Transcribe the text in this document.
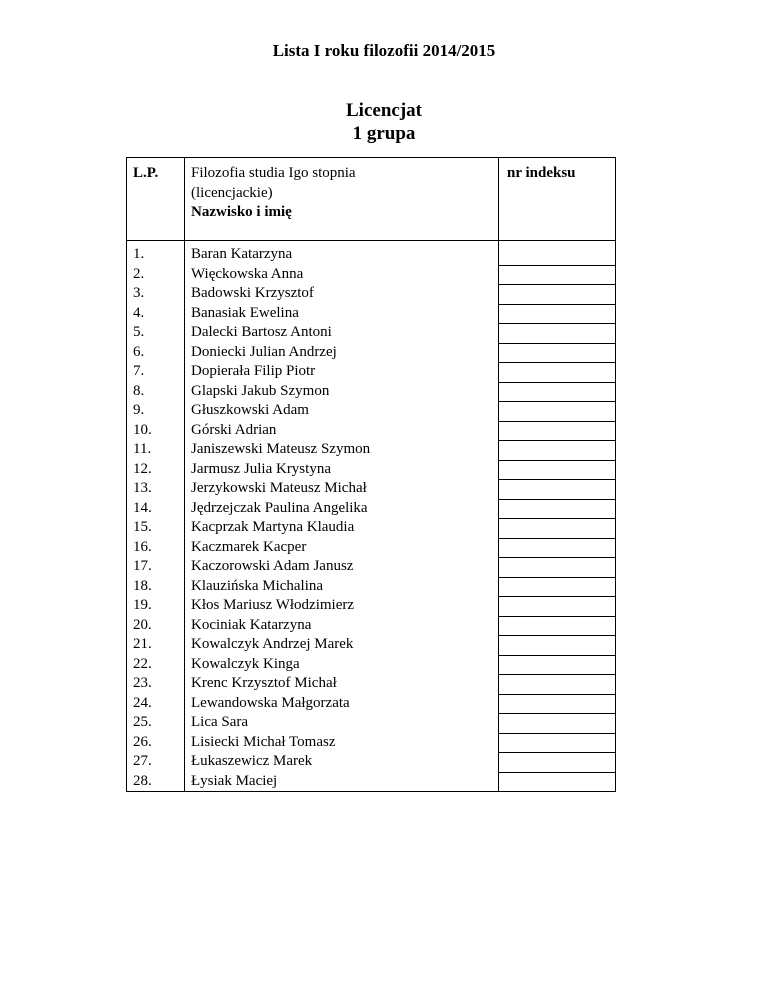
Lista I roku filozofii 2014/2015
Licencjat
1 grupa
L.P.	Filozofia studia Igo stopnia
(licencjackie)
Nazwisko i imię	nr indeksu
1.	Baran Katarzyna	

2.	Więckowska Anna	

3.	Badowski Krzysztof	

4.	Banasiak Ewelina	

5.	Dalecki Bartosz Antoni	

6.	Doniecki Julian Andrzej	

7.	Dopierała Filip Piotr	

8.	Glapski Jakub Szymon	

9.	Głuszkowski Adam	

10.	Górski Adrian	

11.	Janiszewski Mateusz Szymon	

12.	Jarmusz Julia Krystyna	

13.	Jerzykowski Mateusz Michał	

14.	Jędrzejczak Paulina Angelika	

15.	Kacprzak Martyna Klaudia	

16.	Kaczmarek Kacper	

17.	Kaczorowski Adam Janusz	

18.	Klauzińska Michalina	

19.	Kłos Mariusz Włodzimierz	

20.	Kociniak Katarzyna	

21.	Kowalczyk Andrzej Marek	

22.	Kowalczyk Kinga	

23.	Krenc Krzysztof Michał	

24.	Lewandowska Małgorzata	

25.	Lica Sara	

26.	Lisiecki Michał Tomasz	

27.	Łukaszewicz Marek	

28.	Łysiak Maciej	
